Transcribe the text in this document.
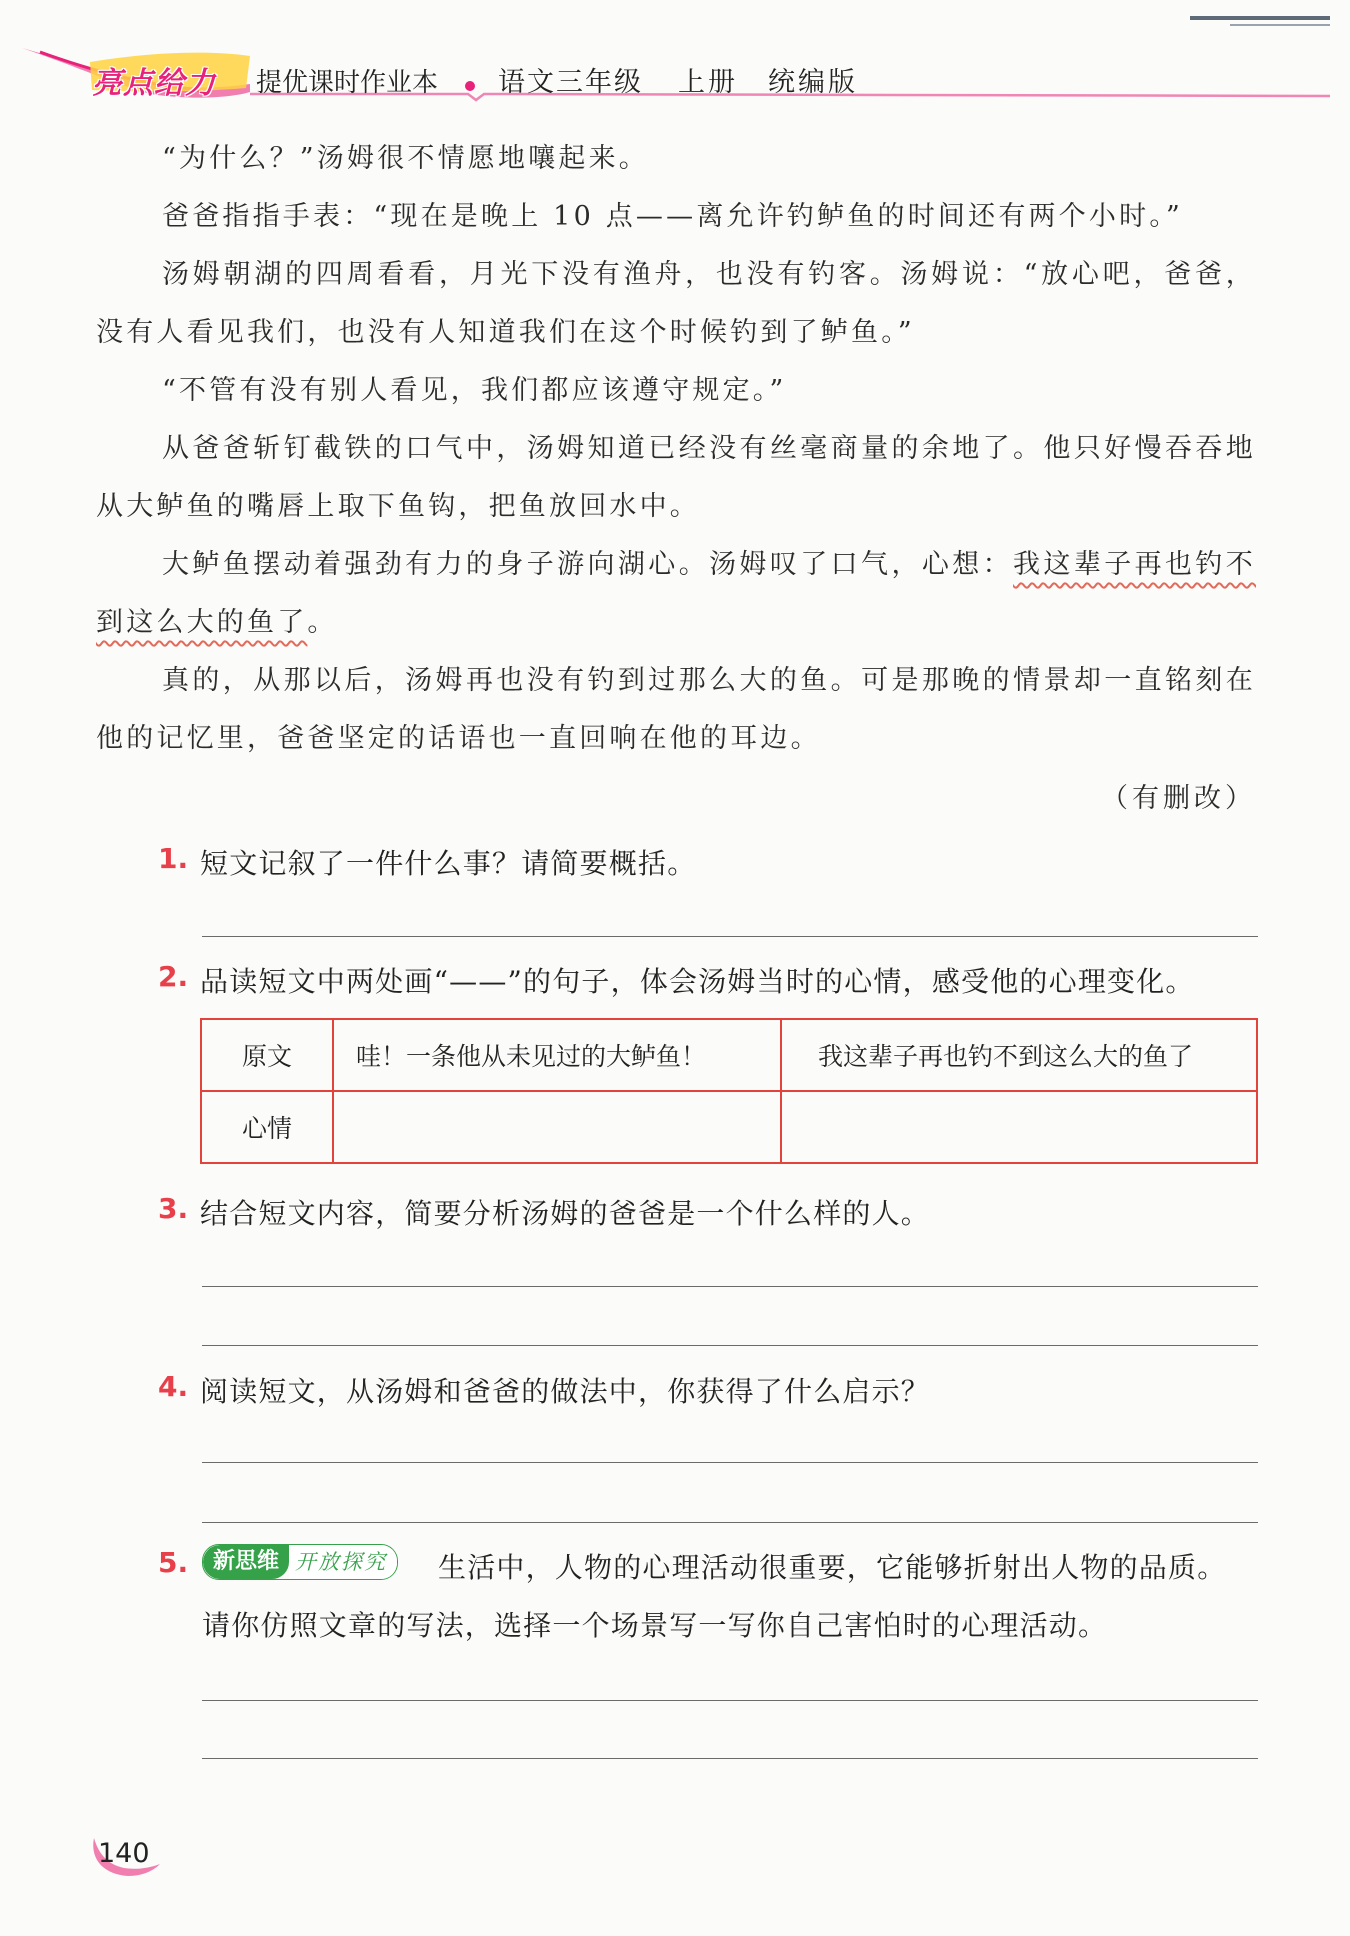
亮点给力 提优课时作业本 语文三年级 上册 统编版

“为什么？”汤姆很不情愿地嚷起来。

爸爸指指手表：“现在是晚上 10 点——离允许钓鲈鱼的时间还有两个小时。”

汤姆朝湖的四周看看，月光下没有渔舟，也没有钓客。汤姆说：“放心吧，爸爸，没有人看见我们，也没有人知道我们在这个时候钓到了鲈鱼。”

“不管有没有别人看见，我们都应该遵守规定。”

从爸爸斩钉截铁的口气中，汤姆知道已经没有丝毫商量的余地了。他只好慢吞吞地从大鲈鱼的嘴唇上取下鱼钩，把鱼放回水中。

大鲈鱼摆动着强劲有力的身子游向湖心。汤姆叹了口气，心想：我这辈子再也钓不到这么大的鱼了。

真的，从那以后，汤姆再也没有钓到过那么大的鱼。可是那晚的情景却一直铭刻在他的记忆里，爸爸坚定的话语也一直回响在他的耳边。

（有删改）
1. 短文记叙了一件什么事？请简要概括。
2. 品读短文中两处画“——”的句子，体会汤姆当时的心情，感受他的心理变化。
原文	哇！一条他从未见过的大鲈鱼！	我这辈子再也钓不到这么大的鱼了
心情		
3. 结合短文内容，简要分析汤姆的爸爸是一个什么样的人。
4. 阅读短文，从汤姆和爸爸的做法中，你获得了什么启示？
5.	新思维 开放探究	生活中，人物的心理活动很重要，它能够折射出人物的品质。
请你仿照文章的写法，选择一个场景写一写你自己害怕时的心理活动。
140
